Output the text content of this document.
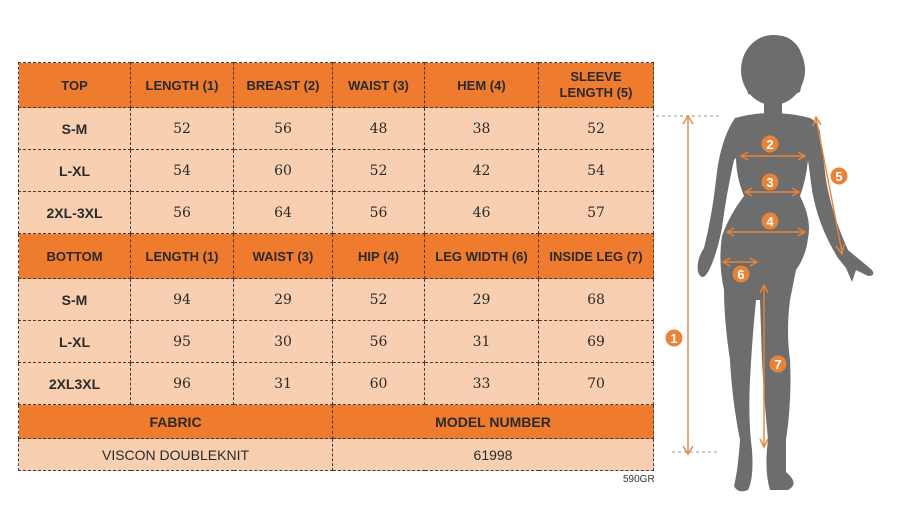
TOP	LENGTH (1)	BREAST (2)	WAIST (3)	HEM (4)	SLEEVE
LENGTH (5)
S-M	52	56	48	38	52
L-XL	54	60	52	42	54
2XL-3XL	56	64	56	46	57
BOTTOM	LENGTH (1)	WAIST (3)	HIP (4)	LEG WIDTH (6)	INSIDE LEG (7)
S-M	94	29	52	29	68
L-XL	95	30	56	31	69
2XL3XL	96	31	60	33	70
FABRIC			MODEL NUMBER		
VISCON DOUBLEKNIT			61998		
590GR
1
2
3
4
5
6
7
